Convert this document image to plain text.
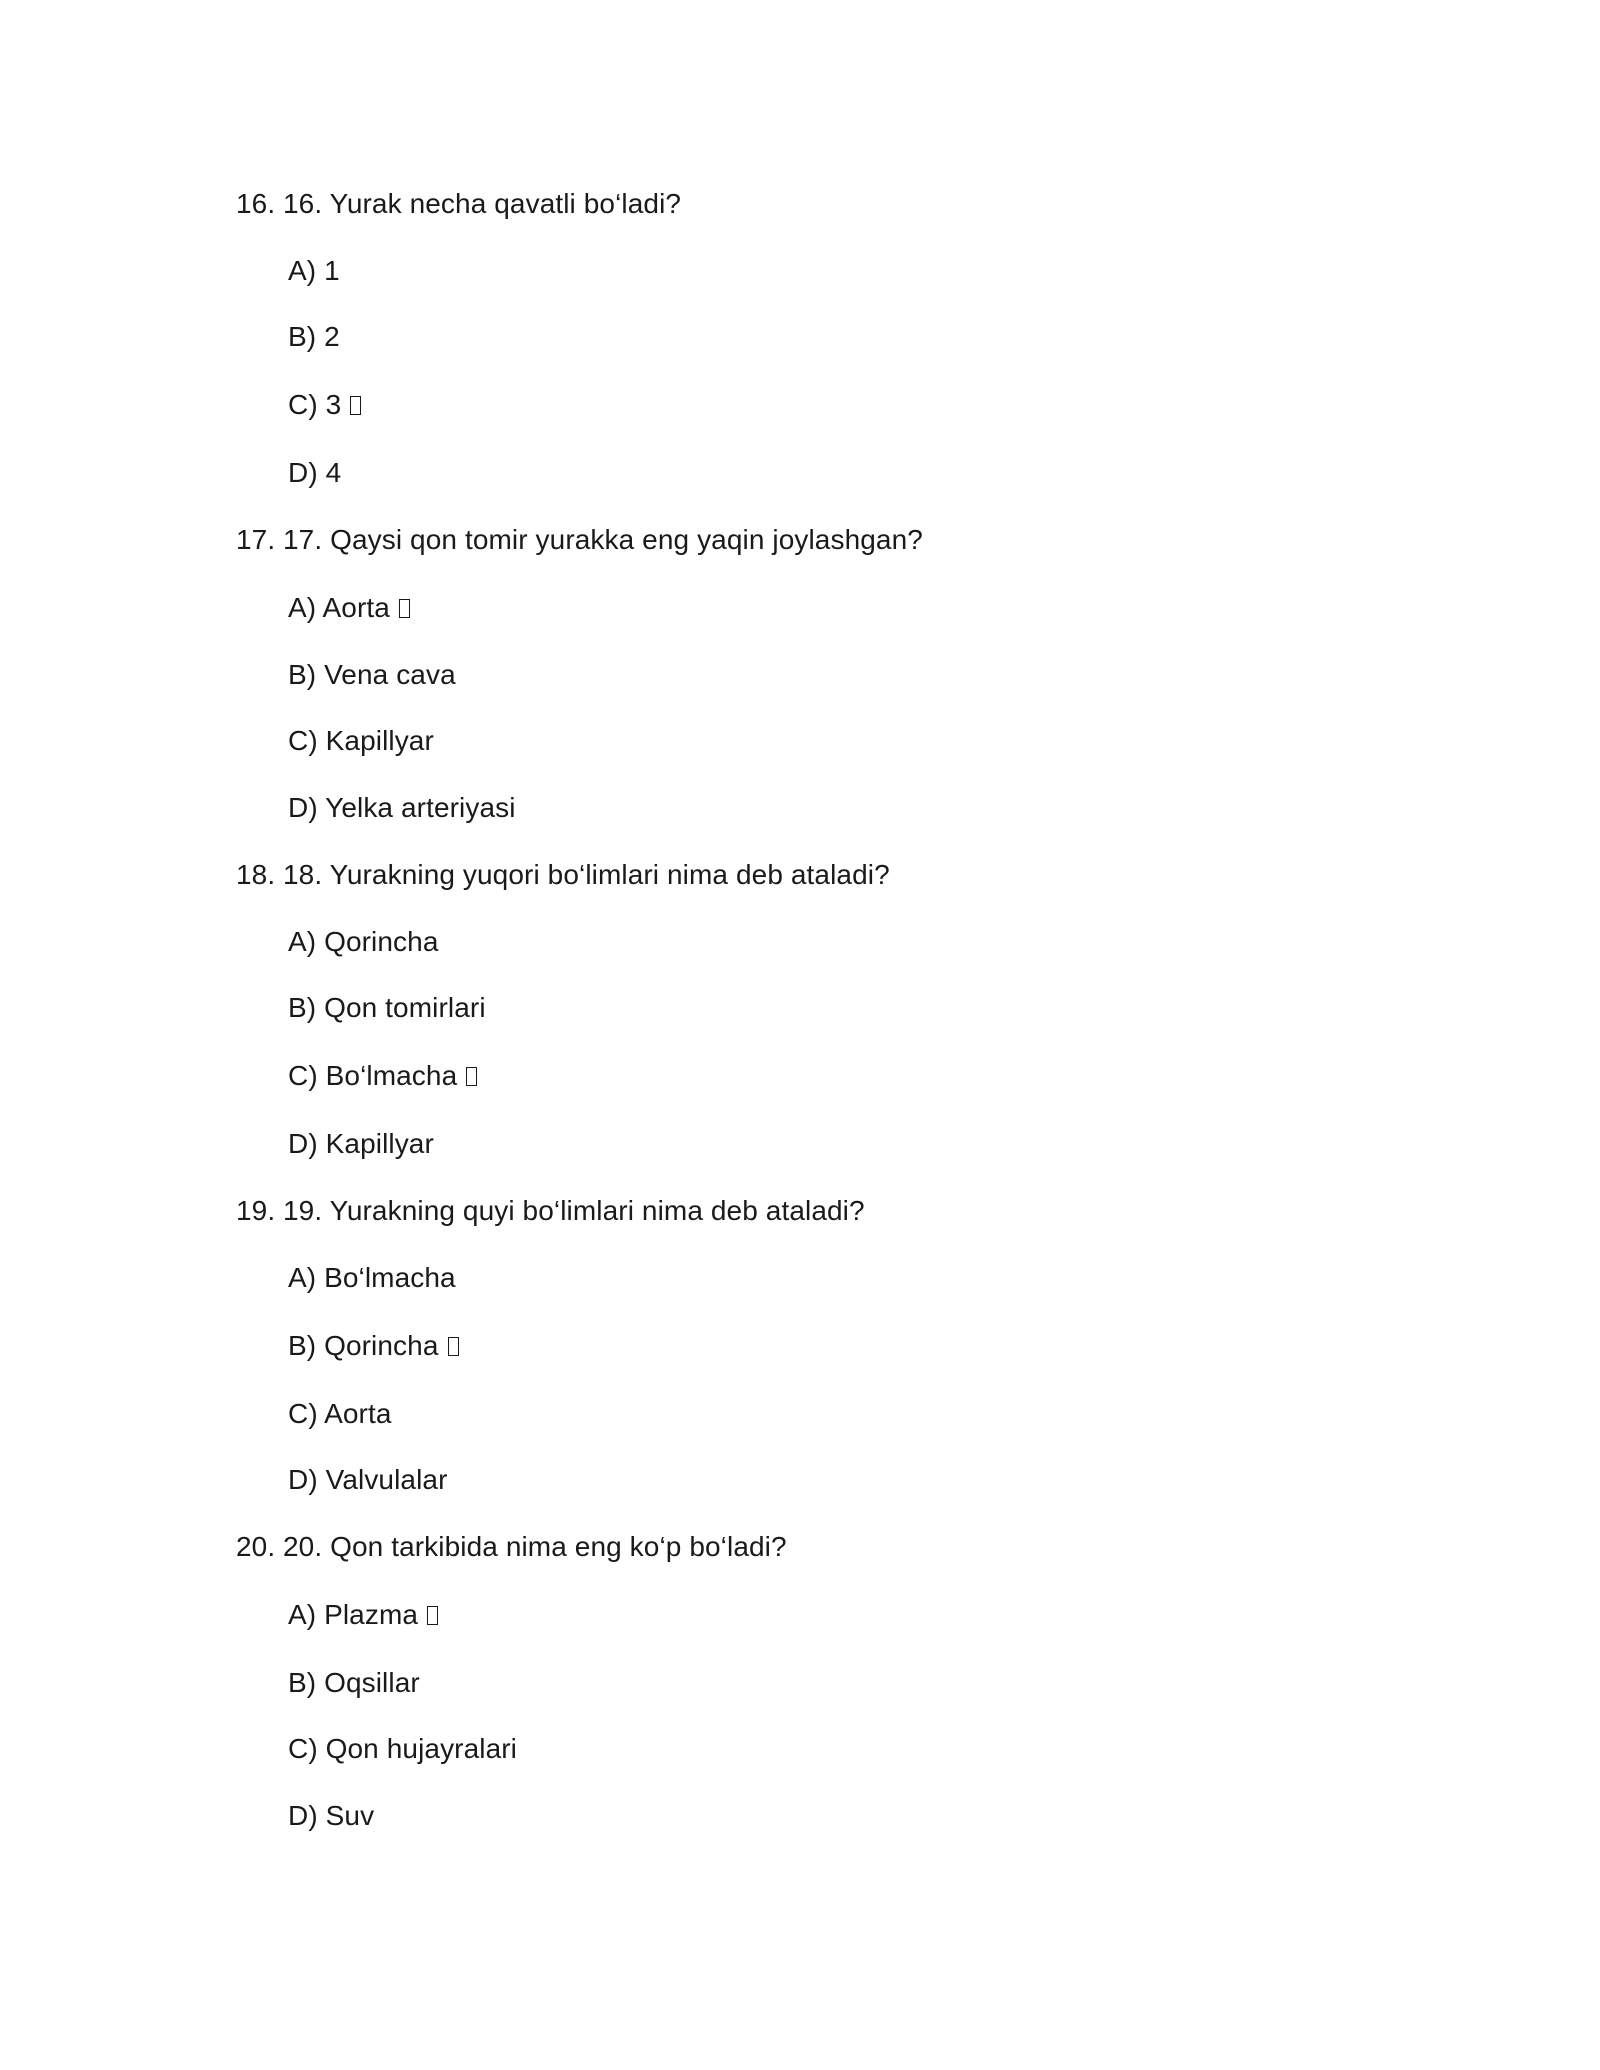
16. 16. Yurak necha qavatli bo‘ladi?
A) 1
B) 2
C) 3
D) 4
17. 17. Qaysi qon tomir yurakka eng yaqin joylashgan?
A) Aorta
B) Vena cava
C) Kapillyar
D) Yelka arteriyasi
18. 18. Yurakning yuqori bo‘limlari nima deb ataladi?
A) Qorincha
B) Qon tomirlari
C) Bo‘lmacha
D) Kapillyar
19. 19. Yurakning quyi bo‘limlari nima deb ataladi?
A) Bo‘lmacha
B) Qorincha
C) Aorta
D) Valvulalar
20. 20. Qon tarkibida nima eng ko‘p bo‘ladi?
A) Plazma
B) Oqsillar
C) Qon hujayralari
D) Suv
